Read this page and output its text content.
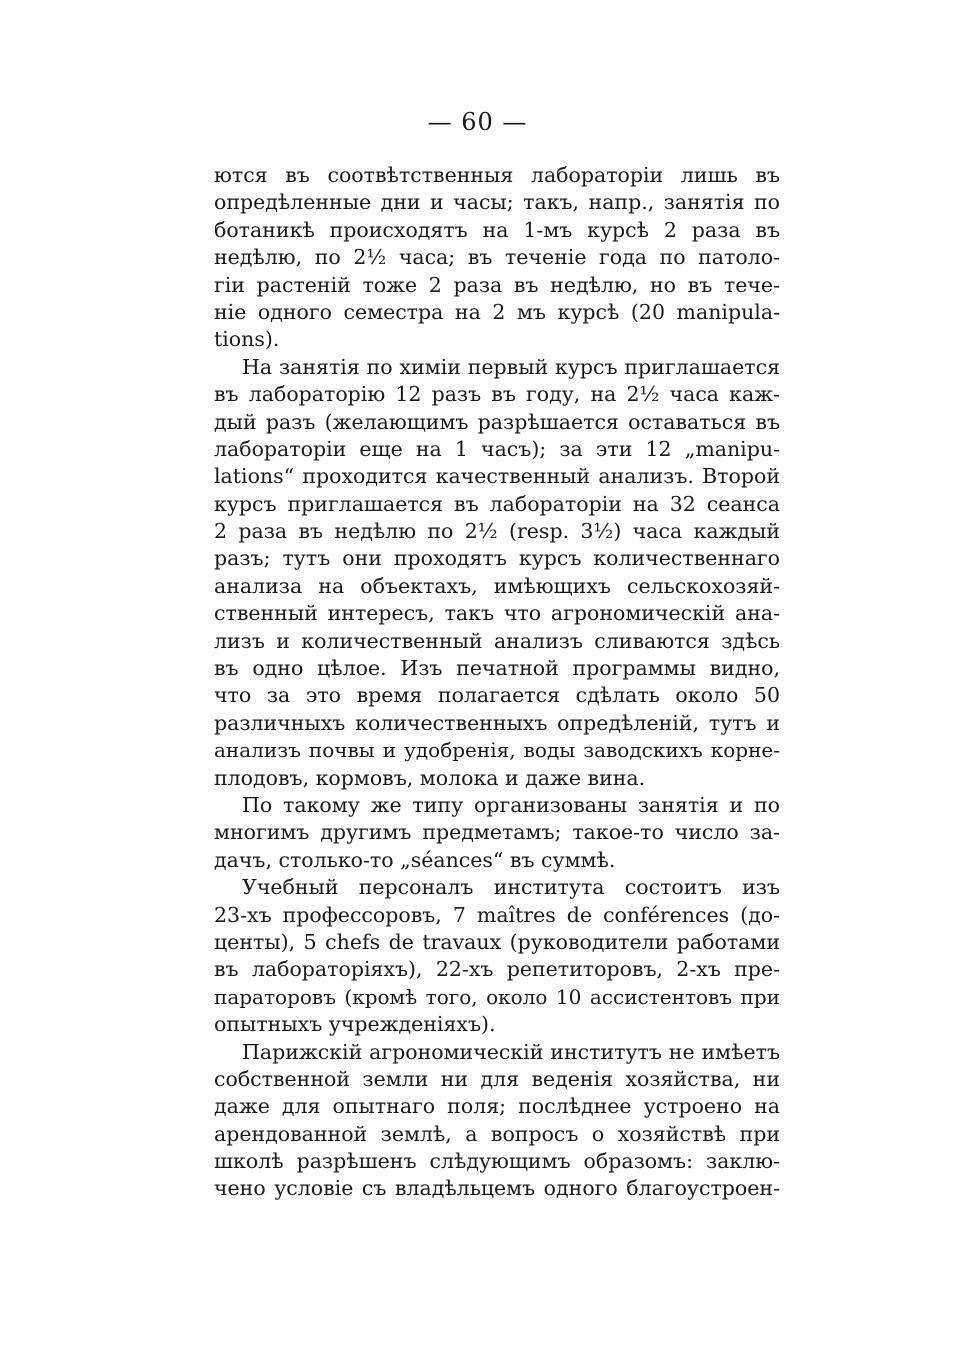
— 60 —
ются въ соотвѣтственныя лабораторіи лишь въ
опредѣленные дни и часы; такъ, напр., занятія по
ботаникѣ происходятъ на 1-мъ курсѣ 2 раза въ
недѣлю, по 2½ часа; въ теченіе года по патоло-
гіи растеній тоже 2 раза въ недѣлю, но въ тече-
ніе одного семестра на 2 мъ курсѣ (20 manipula-
tions).
На занятія по химіи первый курсъ приглашается
въ лабораторію 12 разъ въ году, на 2½ часа каж-
дый разъ (желающимъ разрѣшается оставаться въ
лабораторіи еще на 1 часъ); за эти 12 „manipu-
lations“ проходится качественный анализъ. Второй
курсъ приглашается въ лабораторіи на 32 сеанса
2 раза въ недѣлю по 2½ (resp. 3½) часа каждый
разъ; тутъ они проходятъ курсъ количественнаго
анализа на объектахъ, имѣющихъ сельскохозяй-
ственный интересъ, такъ что агрономическій ана-
лизъ и количественный анализъ сливаются здѣсь
въ одно цѣлое. Изъ печатной программы видно,
что за это время полагается сдѣлать около 50
различныхъ количественныхъ опредѣленій, тутъ и
анализъ почвы и удобренія, воды заводскихъ корне-
плодовъ, кормовъ, молока и даже вина.
По такому же типу организованы занятія и по
многимъ другимъ предметамъ; такое-то число за-
дачъ, столько-то „séances“ въ суммѣ.
Учебный персоналъ института состоитъ изъ
23-хъ профессоровъ, 7 maîtres de conférences (до-
центы), 5 chefs de travaux (руководители работами
въ лабораторіяхъ), 22-хъ репетиторовъ, 2-хъ пре-
параторовъ (кромѣ того, около 10 ассистентовъ при
опытныхъ учрежденіяхъ).
Парижскій агрономическій институтъ не имѣетъ
собственной земли ни для веденія хозяйства, ни
даже для опытнаго поля; послѣднее устроено на
арендованной землѣ, а вопросъ о хозяйствѣ при
школѣ разрѣшенъ слѣдующимъ образомъ: заклю-
чено условіе съ владѣльцемъ одного благоустроен-
